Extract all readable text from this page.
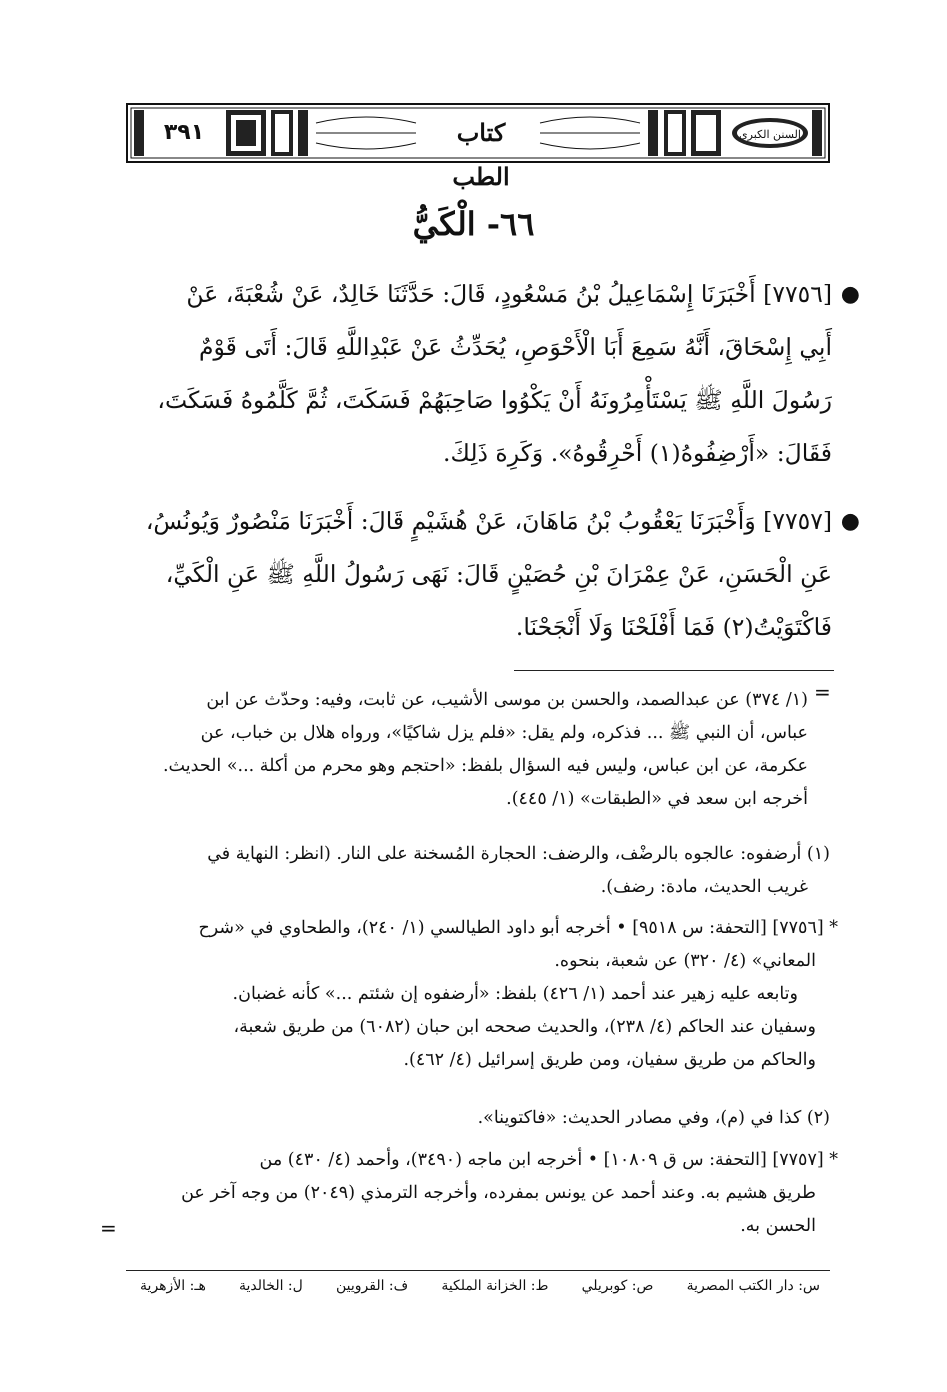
٣٩١	كتاب الطب
السنن الكبرى
٦٦- الْكَيُّ
●
[٧٧٥٦] أَخْبَرَنَا إِسْمَاعِيلُ بْنُ مَسْعُودٍ، قَالَ: حَدَّثَنَا خَالِدٌ، عَنْ شُعْبَةَ، عَنْ
أَبِي إِسْحَاقَ، أَنَّهُ سَمِعَ أَبَا الْأَحْوَصِ، يُحَدِّثُ عَنْ عَبْدِاللَّهِ قَالَ: أَتَى قَوْمٌ
رَسُولَ اللَّهِ ﷺ يَسْتَأْمِرُونَهُ أَنْ يَكْوُوا صَاحِبَهُمْ فَسَكَتَ، ثُمَّ كَلَّمُوهُ فَسَكَتَ،
فَقَالَ: «أَرْضِفُوهُ(١) أَحْرِقُوهُ». وَكَرِهَ ذَلِكَ.
●
[٧٧٥٧] وَأَخْبَرَنَا يَعْقُوبُ بْنُ مَاهَانَ، عَنْ هُشَيْمٍ قَالَ: أَخْبَرَنَا مَنْصُورٌ وَيُونُسُ،
عَنِ الْحَسَنِ، عَنْ عِمْرَانَ بْنِ حُصَيْنٍ قَالَ: نَهَى رَسُولُ اللَّهِ ﷺ عَنِ الْكَيِّ،
فَاكْتَوَيْتُ(٢) فَمَا أَفْلَحْنَا وَلَا أَنْجَحْنَا.
=
(١/ ٣٧٤) عن عبدالصمد، والحسن بن موسى الأشيب، عن ثابت، وفيه: وحدّث عن ابن
عباس، أن النبي ﷺ ... فذكره، ولم يقل: «فلم يزل شاكيًا»، ورواه هلال بن خباب، عن
عكرمة، عن ابن عباس، وليس فيه السؤال بلفظ: «احتجم وهو محرم من أكلة ...» الحديث.
أخرجه ابن سعد في «الطبقات» (١/ ٤٤٥).
(١) أرضفوه: عالجوه بالرضْف، والرضف: الحجارة المُسخنة على النار. (انظر: النهاية في
غريب الحديث، مادة: رضف).
* [٧٧٥٦] [التحفة: س ٩٥١٨] • أخرجه أبو داود الطيالسي (١/ ٢٤٠)، والطحاوي في «شرح
المعاني» (٤/ ٣٢٠) عن شعبة، بنحوه.
وتابعه عليه زهير عند أحمد (١/ ٤٢٦) بلفظ: «أرضفوه إن شئتم ...» كأنه غضبان.
وسفيان عند الحاكم (٤/ ٢٣٨)، والحديث صححه ابن حبان (٦٠٨٢) من طريق شعبة،
والحاكم من طريق سفيان، ومن طريق إسرائيل (٤/ ٤٦٢).
(٢) كذا في (م)، وفي مصادر الحديث: «فاكتوينا».
* [٧٧٥٧] [التحفة: س ق ١٠٨٠٩] • أخرجه ابن ماجه (٣٤٩٠)، وأحمد (٤/ ٤٣٠) من
طريق هشيم به. وعند أحمد عن يونس بمفرده، وأخرجه الترمذي (٢٠٤٩) من وجه آخر عن
الحسن به.
=
س: دار الكتب المصرية
ص: كوبريلي
ط: الخزانة الملكية
ف: القرويين
ل: الخالدية
هـ: الأزهرية
